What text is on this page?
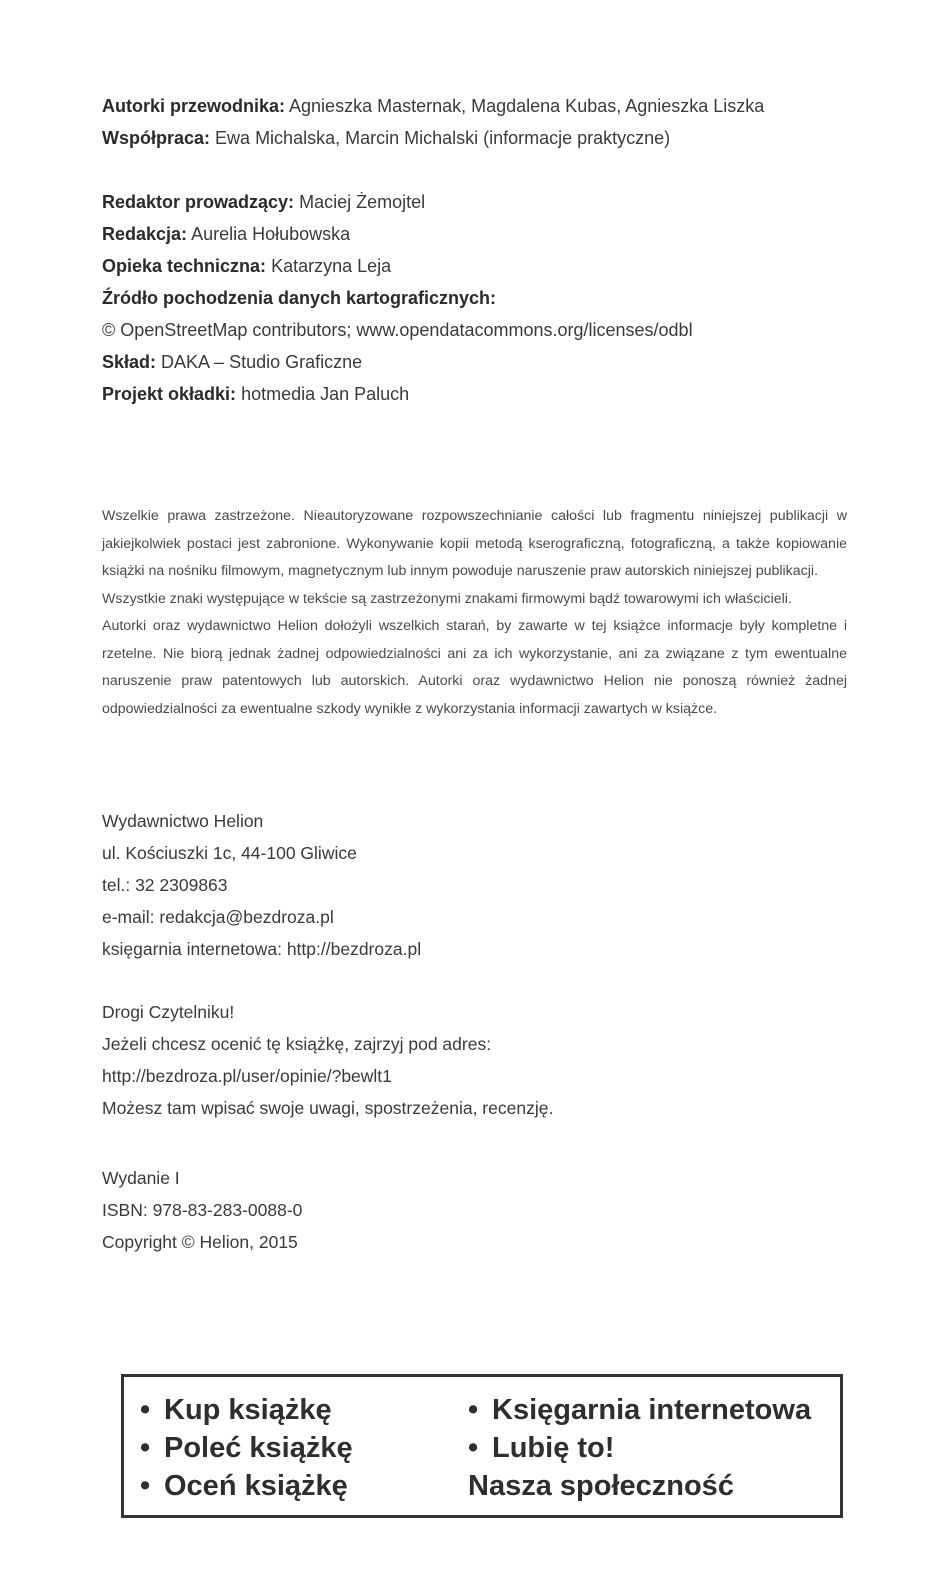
Autorki przewodnika: Agnieszka Masternak, Magdalena Kubas, Agnieszka Liszka
Współpraca: Ewa Michalska, Marcin Michalski (informacje praktyczne)
Redaktor prowadzący: Maciej Żemojtel
Redakcja: Aurelia Hołubowska
Opieka techniczna: Katarzyna Leja
Źródło pochodzenia danych kartograficznych:
© OpenStreetMap contributors; www.opendatacommons.org/licenses/odbl
Skład: DAKA – Studio Graficzne
Projekt okładki: hotmedia Jan Paluch

Wszelkie prawa zastrzeżone. Nieautoryzowane rozpowszechnianie całości lub fragmentu niniejszej publikacji w jakiejkolwiek postaci jest zabronione. Wykonywanie kopii metodą kserograficzną, fotograficzną, a także kopiowanie książki na nośniku filmowym, magnetycznym lub innym powoduje naruszenie praw autorskich niniejszej publikacji.

Wszystkie znaki występujące w tekście są zastrzeżonymi znakami firmowymi bądź towarowymi ich właścicieli.

Autorki oraz wydawnictwo Helion dołożyli wszelkich starań, by zawarte w tej książce informacje były kompletne i rzetelne. Nie biorą jednak żadnej odpowiedzialności ani za ich wykorzystanie, ani za związane z tym ewentualne naruszenie praw patentowych lub autorskich. Autorki oraz wydawnictwo Helion nie ponoszą również żadnej odpowiedzialności za ewentualne szkody wynikłe z wykorzystania informacji zawartych w książce.

Wydawnictwo Helion
ul. Kościuszki 1c, 44-100 Gliwice
tel.: 32 2309863
e-mail: redakcja@bezdroza.pl
księgarnia internetowa: http://bezdroza.pl
Drogi Czytelniku!
Jeżeli chcesz ocenić tę książkę, zajrzyj pod adres:
http://bezdroza.pl/user/opinie/?bewlt1
Możesz tam wpisać swoje uwagi, spostrzeżenia, recenzję.
Wydanie I
ISBN: 978-83-283-0088-0
Copyright © Helion, 2015
• Kup książkę
• Poleć książkę
• Oceń książkę
• Księgarnia internetowa
• Lubię to!
Nasza społeczność
